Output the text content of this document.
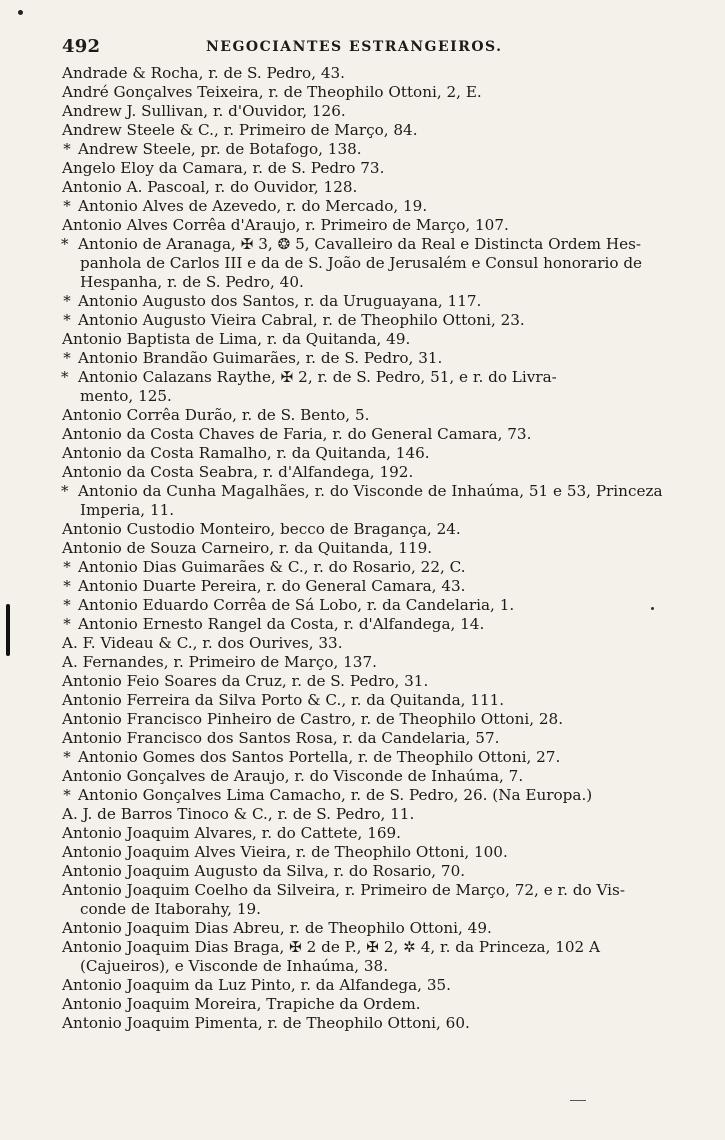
492	NEGOCIANTES ESTRANGEIROS.
Andrade & Rocha, r. de S. Pedro, 43.
André Gonçalves Teixeira, r. de Theophilo Ottoni, 2, E.
Andrew J. Sullivan, r. d'Ouvidor, 126.
Andrew Steele & C., r. Primeiro de Março, 84.
* Andrew Steele, pr. de Botafogo, 138.
Angelo Eloy da Camara, r. de S. Pedro 73.
Antonio A. Pascoal, r. do Ouvidor, 128.
* Antonio Alves de Azevedo, r. do Mercado, 19.
Antonio Alves Corrêa d'Araujo, r. Primeiro de Março, 107.
* Antonio de Aranaga, ✠ 3, ❂ 5, Cavalleiro da Real e Distincta Ordem Hes-
panhola de Carlos III e da de S. João de Jerusalém e Consul honorario de
Hespanha, r. de S. Pedro, 40.
* Antonio Augusto dos Santos, r. da Uruguayana, 117.
* Antonio Augusto Vieira Cabral, r. de Theophilo Ottoni, 23.
Antonio Baptista de Lima, r. da Quitanda, 49.
* Antonio Brandão Guimarães, r. de S. Pedro, 31.
* Antonio Calazans Raythe, ✠ 2, r. de S. Pedro, 51, e r. do Livra-
mento, 125.
Antonio Corrêa Durão, r. de S. Bento, 5.
Antonio da Costa Chaves de Faria, r. do General Camara, 73.
Antonio da Costa Ramalho, r. da Quitanda, 146.
Antonio da Costa Seabra, r. d'Alfandega, 192.
* Antonio da Cunha Magalhães, r. do Visconde de Inhaúma, 51 e 53, Princeza
Imperia, 11.
Antonio Custodio Monteiro, becco de Bragança, 24.
Antonio de Souza Carneiro, r. da Quitanda, 119.
* Antonio Dias Guimarães & C., r. do Rosario, 22, C.
* Antonio Duarte Pereira, r. do General Camara, 43.
* Antonio Eduardo Corrêa de Sá Lobo, r. da Candelaria, 1.
* Antonio Ernesto Rangel da Costa, r. d'Alfandega, 14.
A. F. Videau & C., r. dos Ourives, 33.
A. Fernandes, r. Primeiro de Março, 137.
Antonio Feio Soares da Cruz, r. de S. Pedro, 31.
Antonio Ferreira da Silva Porto & C., r. da Quitanda, 111.
Antonio Francisco Pinheiro de Castro, r. de Theophilo Ottoni, 28.
Antonio Francisco dos Santos Rosa, r. da Candelaria, 57.
* Antonio Gomes dos Santos Portella, r. de Theophilo Ottoni, 27.
Antonio Gonçalves de Araujo, r. do Visconde de Inhaúma, 7.
* Antonio Gonçalves Lima Camacho, r. de S. Pedro, 26. (Na Europa.)
A. J. de Barros Tinoco & C., r. de S. Pedro, 11.
Antonio Joaquim Alvares, r. do Cattete, 169.
Antonio Joaquim Alves Vieira, r. de Theophilo Ottoni, 100.
Antonio Joaquim Augusto da Silva, r. do Rosario, 70.
Antonio Joaquim Coelho da Silveira, r. Primeiro de Março, 72, e r. do Vis-
conde de Itaborahy, 19.
Antonio Joaquim Dias Abreu, r. de Theophilo Ottoni, 49.
Antonio Joaquim Dias Braga, ✠ 2 de P., ✠ 2, ✲ 4, r. da Princeza, 102 A
(Cajueiros), e Visconde de Inhaúma, 38.
Antonio Joaquim da Luz Pinto, r. da Alfandega, 35.
Antonio Joaquim Moreira, Trapiche da Ordem.
Antonio Joaquim Pimenta, r. de Theophilo Ottoni, 60.
